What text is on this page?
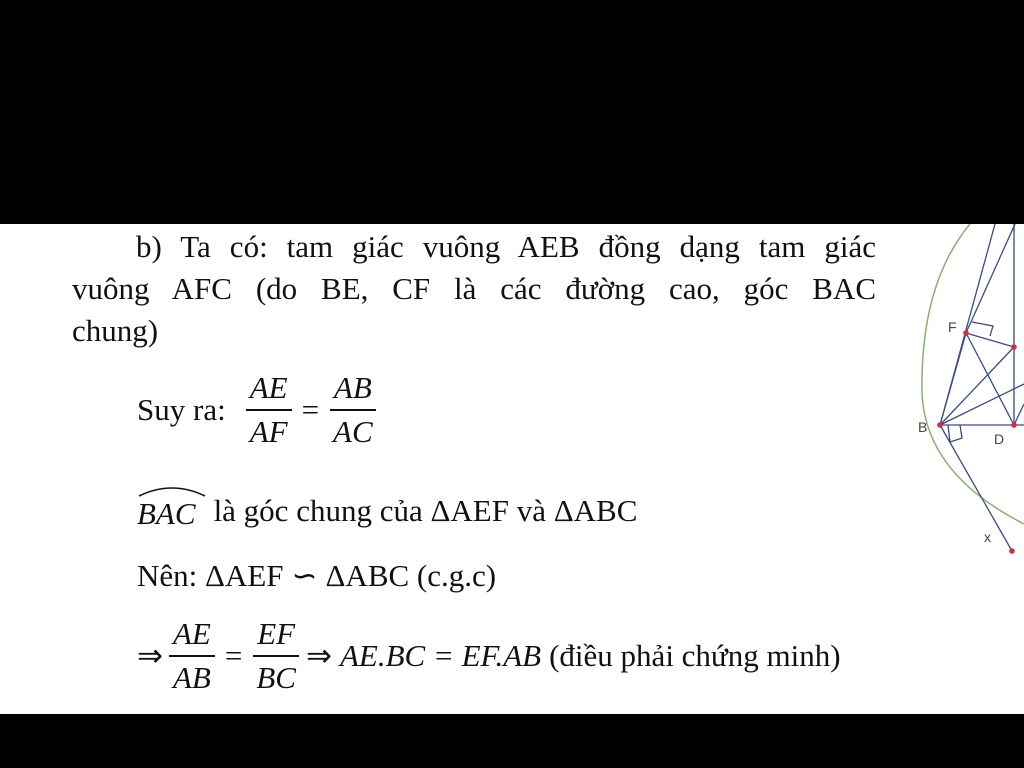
b) Ta có: tam giác vuông AEB đồng dạng tam giác
vuông AFC (do BE, CF là các đường cao, góc BAC
chung)
Suy ra: $\frac{AE}{AF} = \frac{AB}{AC}$
BAC là góc chung của ΔAEF và ΔABC
Nên: ΔAEF ∽ ΔABC (c.g.c)
⇒ $\frac{AE}{AB} = \frac{EF}{BC}$ ⇒ AE.BC = EF.AB (điều phải chứng minh)
F
B
D
x
